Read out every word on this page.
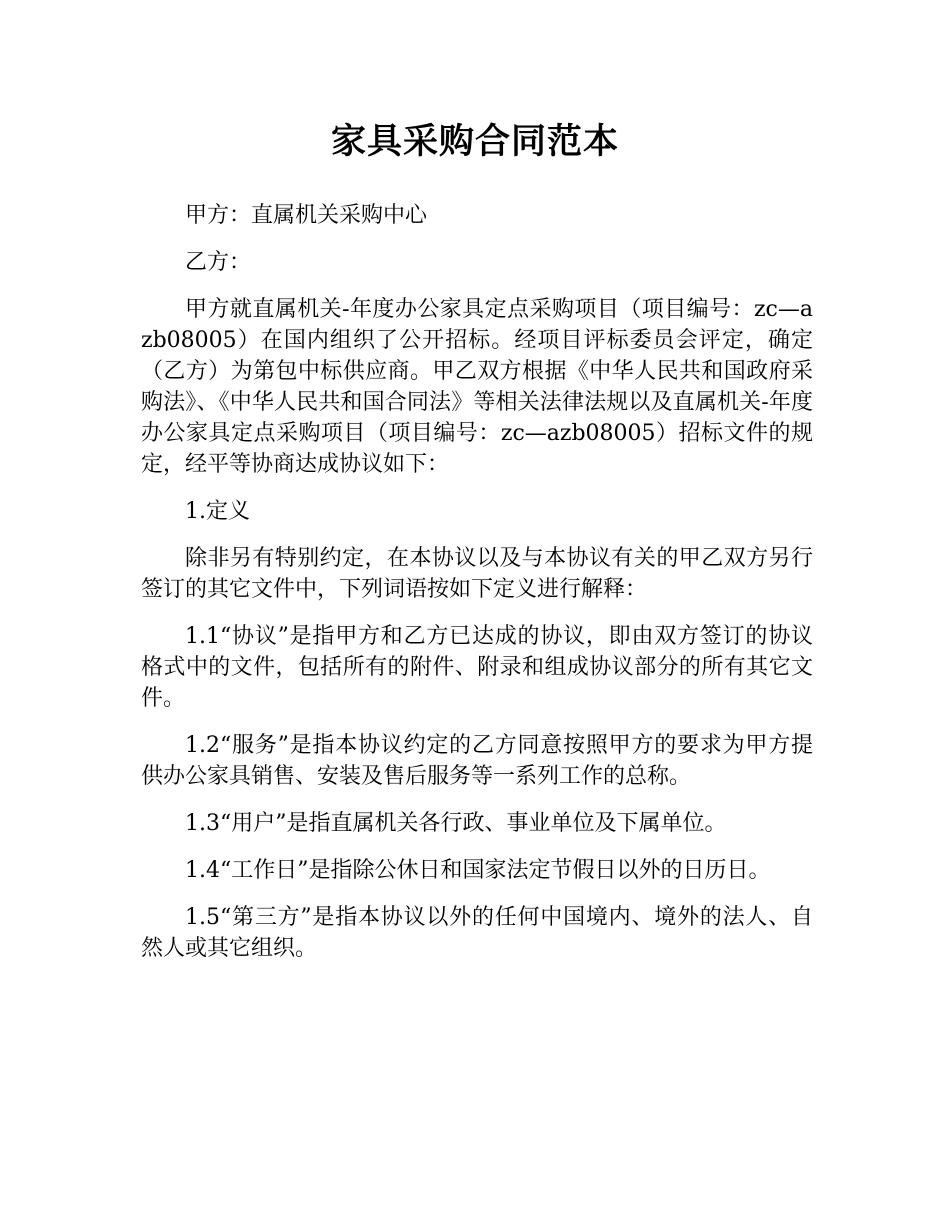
家具采购合同范本

甲方：直属机关采购中心

乙方：

甲方就直属机关-年度办公家具定点采购项目（项目编号：zc—azb08005）在国内组织了公开招标。经项目评标委员会评定，确定（乙方）为第包中标供应商。甲乙双方根据《中华人民共和国政府采购法》、《中华人民共和国合同法》等相关法律法规以及直属机关-年度办公家具定点采购项目（项目编号：zc—azb08005）招标文件的规定，经平等协商达成协议如下：

1.定义

除非另有特别约定，在本协议以及与本协议有关的甲乙双方另行签订的其它文件中，下列词语按如下定义进行解释：

1.1“协议”是指甲方和乙方已达成的协议，即由双方签订的协议格式中的文件，包括所有的附件、附录和组成协议部分的所有其它文件。

1.2“服务”是指本协议约定的乙方同意按照甲方的要求为甲方提供办公家具销售、安装及售后服务等一系列工作的总称。

1.3“用户”是指直属机关各行政、事业单位及下属单位。

1.4“工作日”是指除公休日和国家法定节假日以外的日历日。

1.5“第三方”是指本协议以外的任何中国境内、境外的法人、自然人或其它组织。
